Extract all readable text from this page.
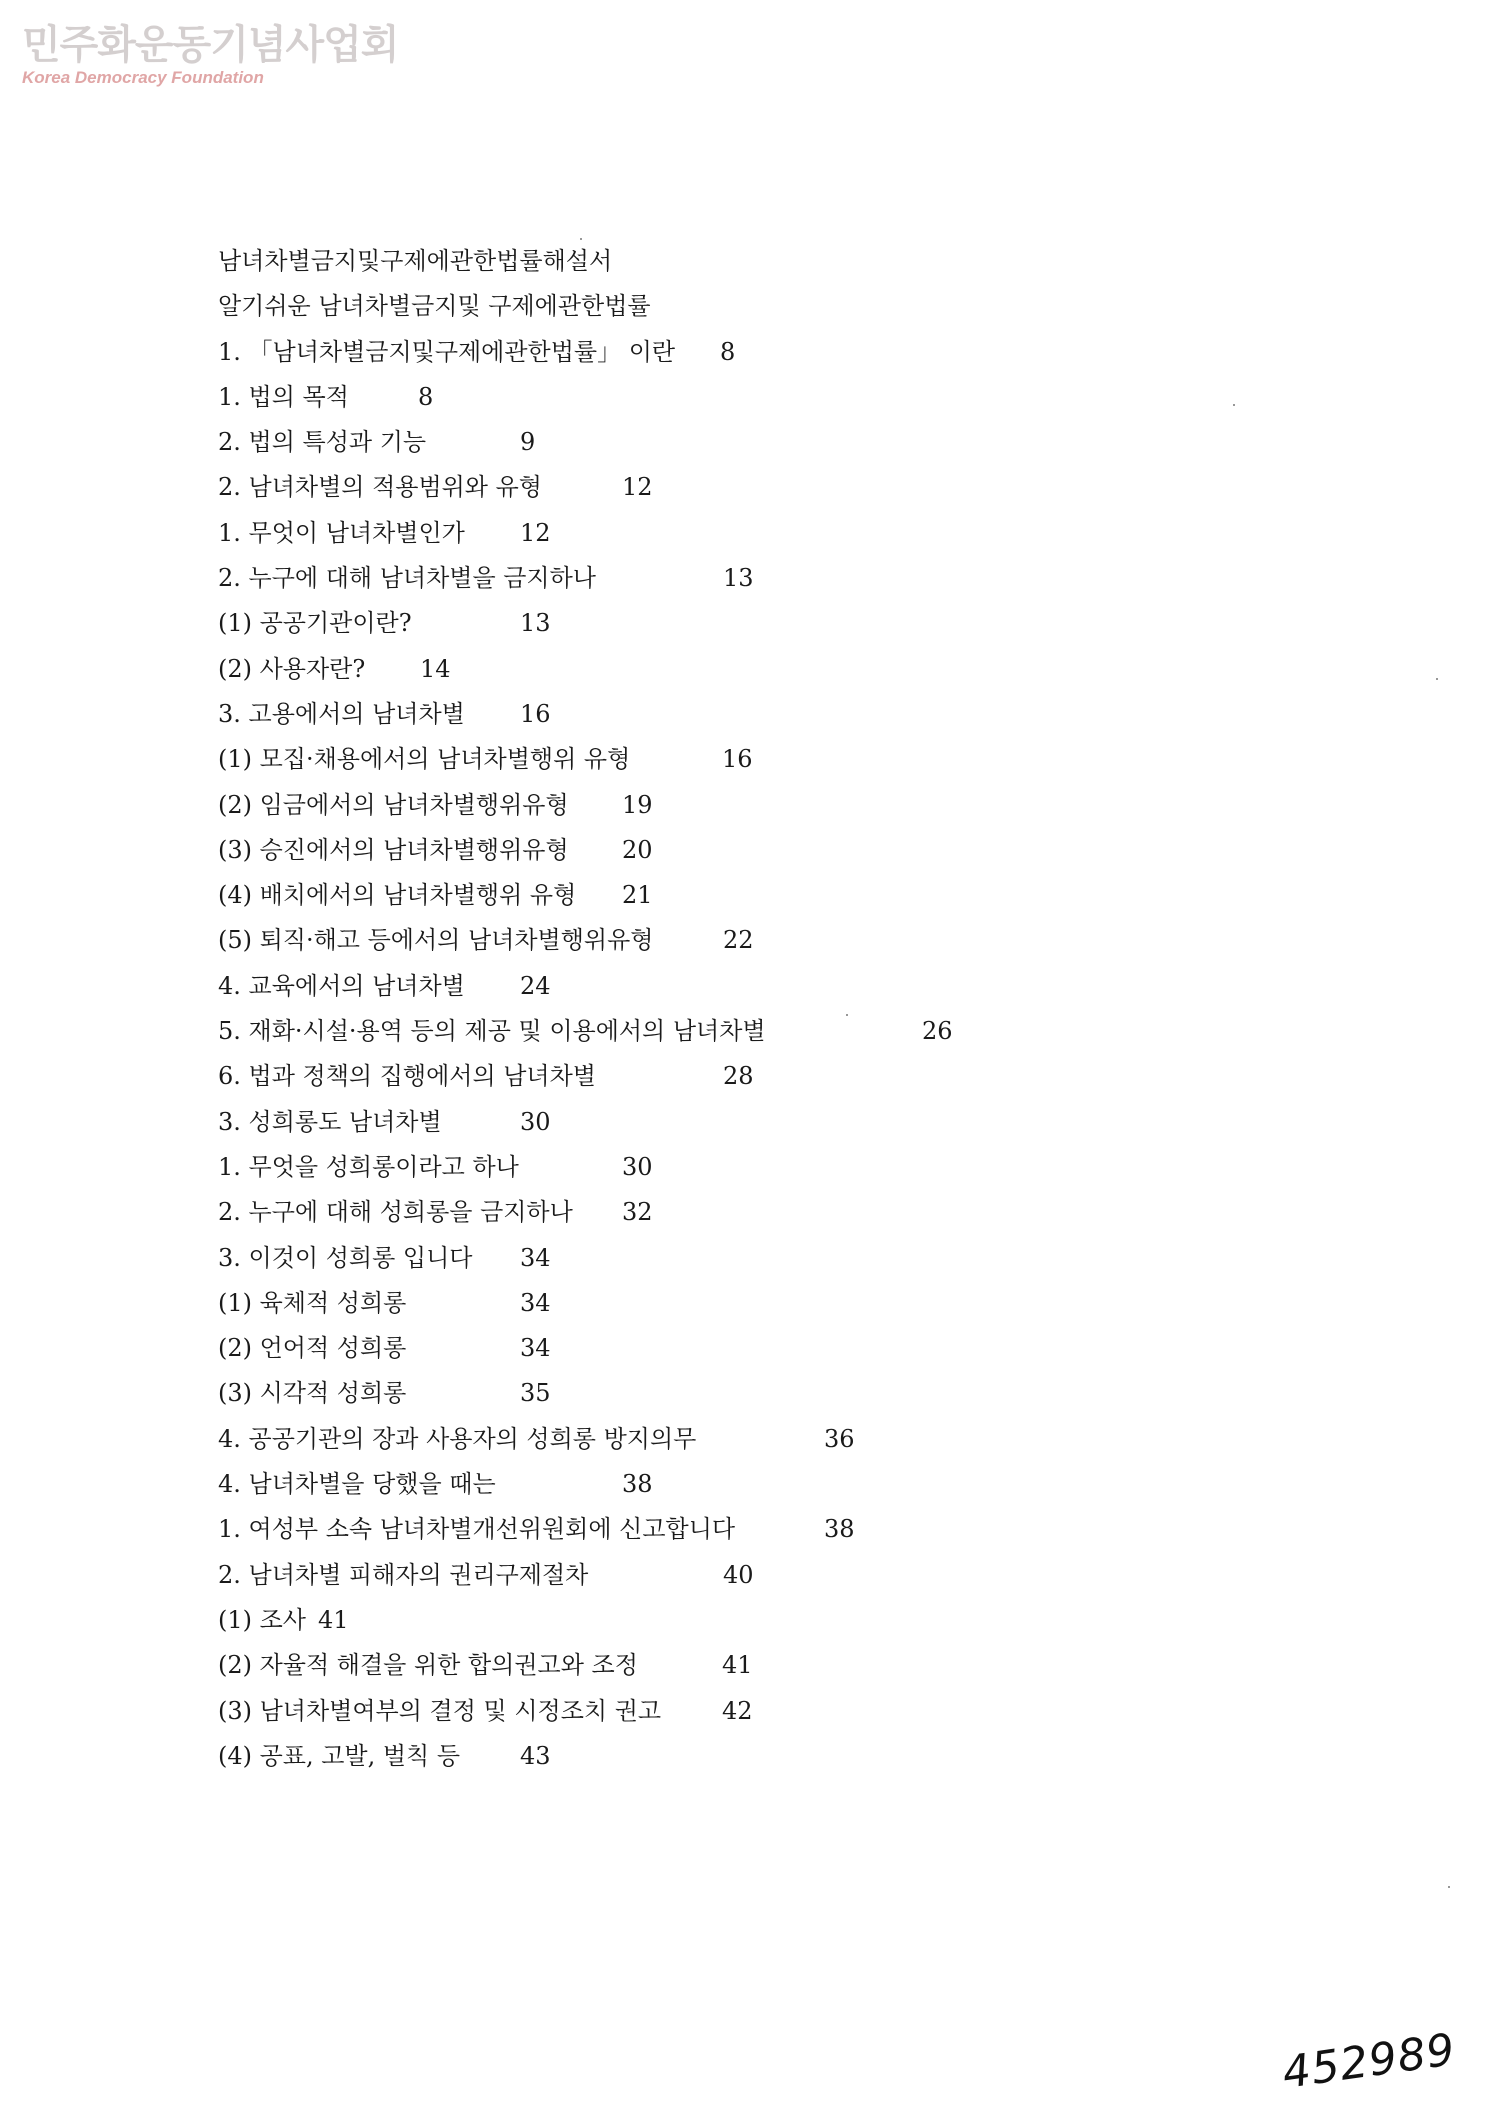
민주화운동기념사업회
Korea Democracy Foundation
남녀차별금지및구제에관한법률해설서
알기쉬운 남녀차별금지및 구제에관한법률
1. 「남녀차별금지및구제에관한법률」 이란 8
1. 법의 목적	8
2. 법의 특성과 기능	9
2. 남녀차별의 적용범위와 유형	12
1. 무엇이 남녀차별인가 12
2. 누구에 대해 남녀차별을 금지하나	13
(1) 공공기관이란?	13
(2) 사용자란? 14
3. 고용에서의 남녀차별 16
(1) 모집·채용에서의 남녀차별행위 유형	16
(2) 임금에서의 남녀차별행위유형 19
(3) 승진에서의 남녀차별행위유형 20
(4) 배치에서의 남녀차별행위 유형 21
(5) 퇴직·해고 등에서의 남녀차별행위유형	22
4. 교육에서의 남녀차별 24
5. 재화·시설·용역 등의 제공 및 이용에서의 남녀차별	26
6. 법과 정책의 집행에서의 남녀차별	28
3. 성희롱도 남녀차별	30
1. 무엇을 성희롱이라고 하나	30
2. 누구에 대해 성희롱을 금지하나 32
3. 이것이 성희롱 입니다 34
(1) 육체적 성희롱	34
(2) 언어적 성희롱	34
(3) 시각적 성희롱	35
4. 공공기관의 장과 사용자의 성희롱 방지의무	36
4. 남녀차별을 당했을 때는	38
1. 여성부 소속 남녀차별개선위원회에 신고합니다	38
2. 남녀차별 피해자의 권리구제절차	40
(1) 조사 41
(2) 자율적 해결을 위한 합의권고와 조정	41
(3) 남녀차별여부의 결정 및 시정조치 권고	42
(4) 공표, 고발, 벌칙 등 43
452989
